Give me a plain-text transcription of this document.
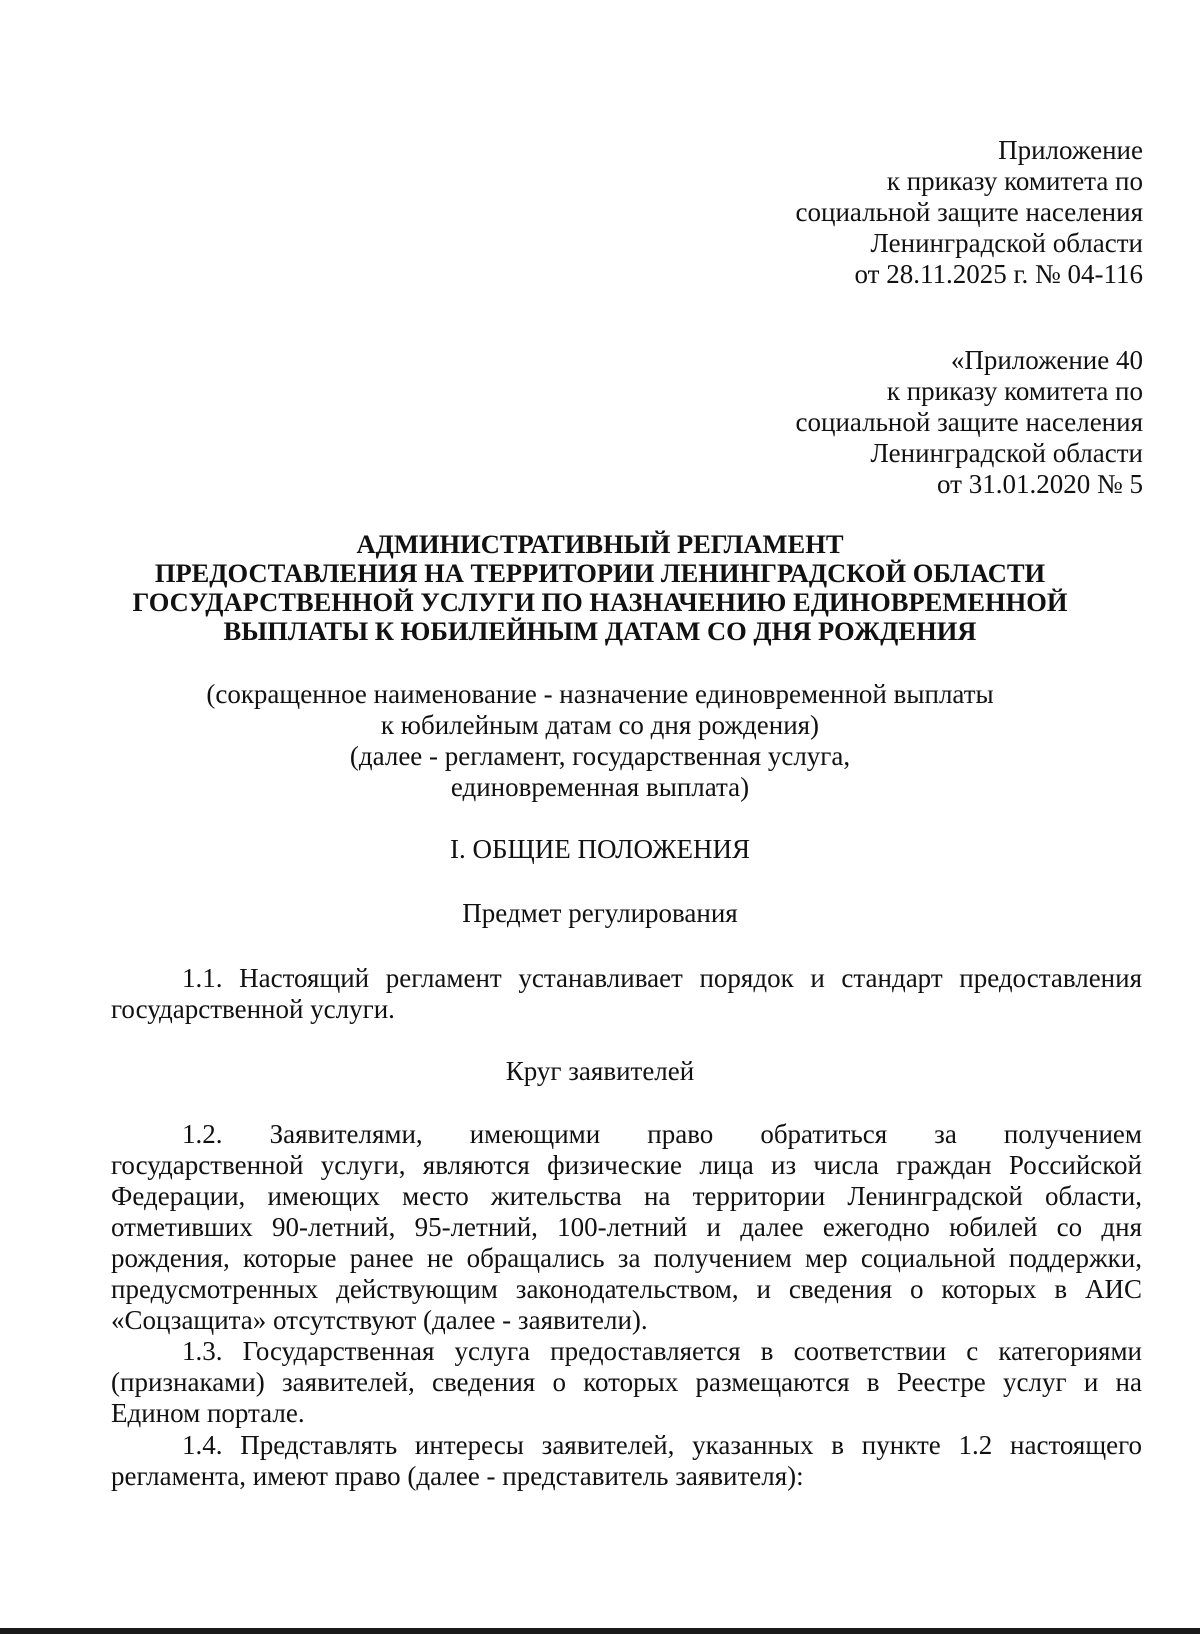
Приложение
к приказу комитета по
социальной защите населения
Ленинградской области
от 28.11.2025 г. № 04-116
«Приложение 40
к приказу комитета по
социальной защите населения
Ленинградской области
от 31.01.2020 № 5
АДМИНИСТРАТИВНЫЙ РЕГЛАМЕНТ
ПРЕДОСТАВЛЕНИЯ НА ТЕРРИТОРИИ ЛЕНИНГРАДСКОЙ ОБЛАСТИ
ГОСУДАРСТВЕННОЙ УСЛУГИ ПО НАЗНАЧЕНИЮ ЕДИНОВРЕМЕННОЙ
ВЫПЛАТЫ К ЮБИЛЕЙНЫМ ДАТАМ СО ДНЯ РОЖДЕНИЯ
(сокращенное наименование - назначение единовременной выплаты
к юбилейным датам со дня рождения)
(далее - регламент, государственная услуга,
единовременная выплата)
I. ОБЩИЕ ПОЛОЖЕНИЯ
Предмет регулирования
1.1. Настоящий регламент устанавливает порядок и стандарт предоставления
государственной услуги.
Круг заявителей
1.2.      Заявителями,      имеющими      право      обратиться      за      получением
государственной услуги, являются физические лица из числа граждан Российской
Федерации, имеющих место жительства на территории Ленинградской области,
отметивших 90-летний, 95-летний, 100-летний и далее ежегодно юбилей со дня
рождения, которые ранее не обращались за получением мер социальной поддержки,
предусмотренных действующим законодательством, и сведения о которых в АИС
«Соцзащита» отсутствуют (далее - заявители).
1.3. Государственная услуга предоставляется в соответствии с категориями
(признаками) заявителей, сведения о которых размещаются в Реестре услуг и на
Едином портале.
1.4. Представлять интересы заявителей, указанных в пункте 1.2 настоящего
регламента, имеют право (далее - представитель заявителя):
